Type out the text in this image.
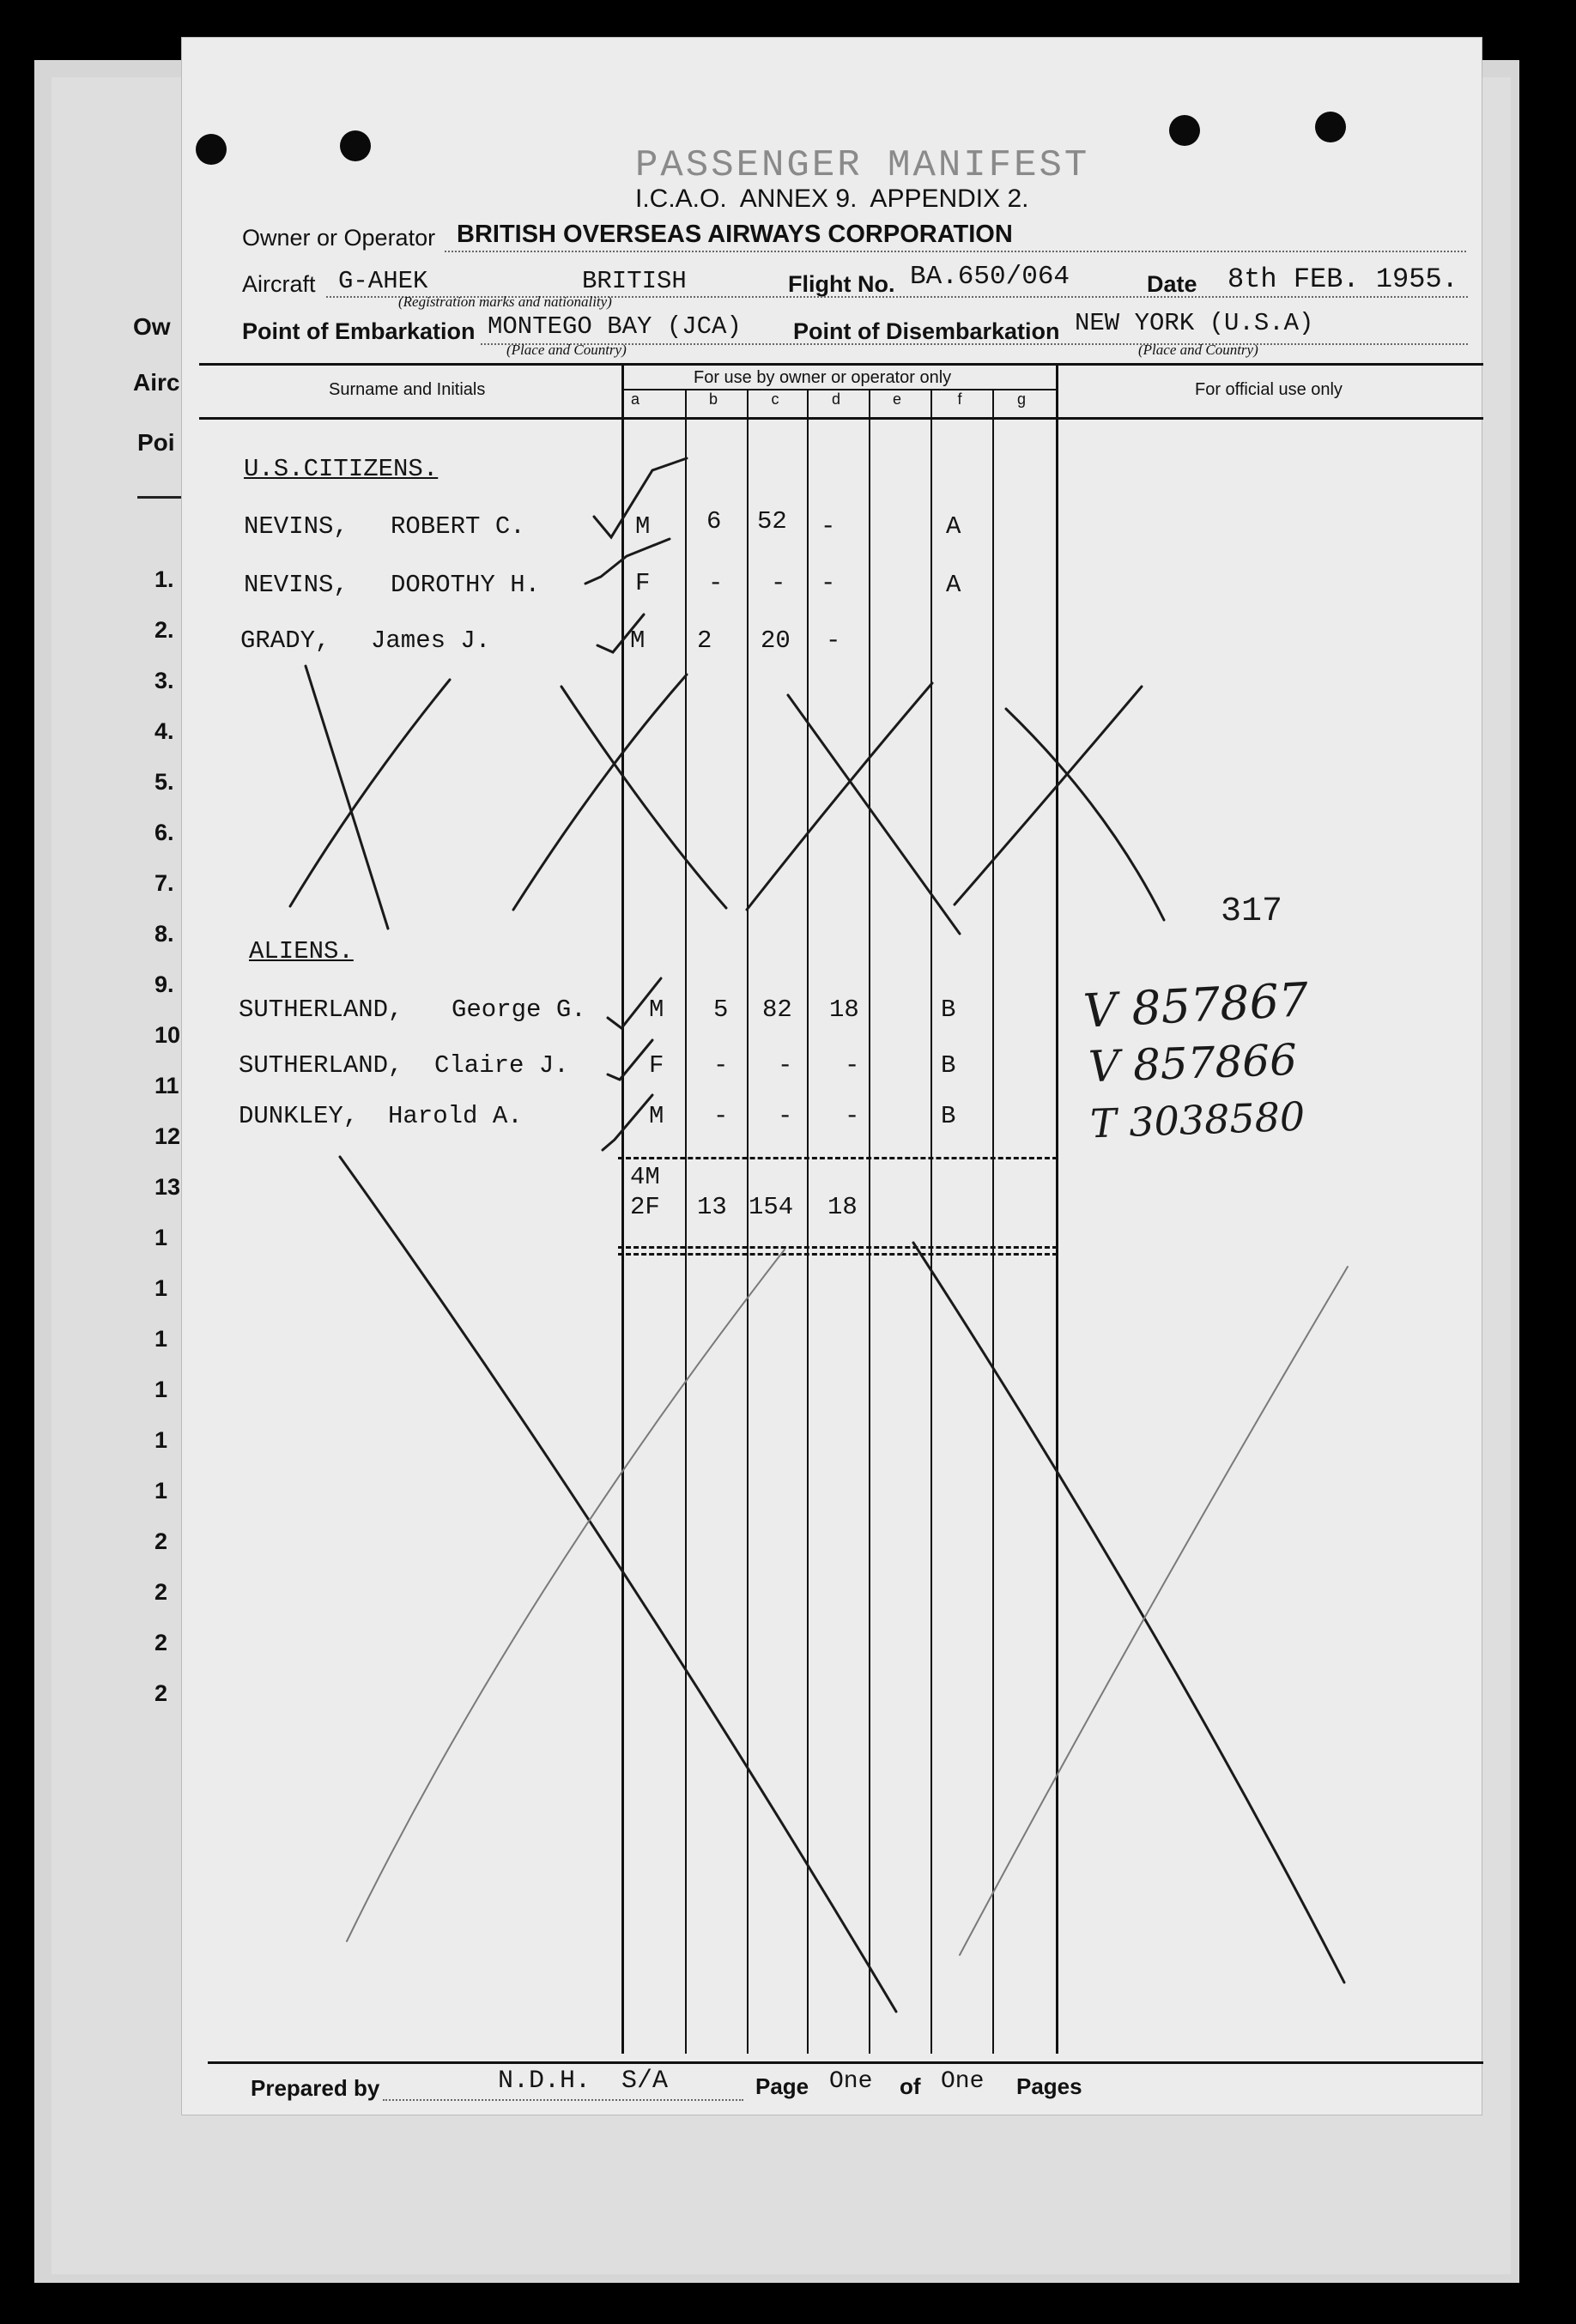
Ow
Airc
Poi
1.
2.
3.
4.
5.
6.
7.
8.
9.
10
11
12
13
1
1
1
1
1
1
2
2
2
2
PASSENGER MANIFEST
I.C.A.O.  ANNEX 9.  APPENDIX 2.
Owner or Operator BRITISH OVERSEAS AIRWAYS CORPORATION
Aircraft G-AHEK	BRITISH	Flight No. BA.650/064	Date 8th FEB. 1955.
(Registration marks and nationality)
Point of Embarkation MONTEGO BAY (JCA) Point of Disembarkation NEW YORK (U.S.A)
(Place and Country)	(Place and Country)
Surname and Initials
For use by owner or operator only
For official use only
a	b	c	d	e	f	g
U.S.CITIZENS.
NEVINS, ROBERT C.	M 6 52 -	A
NEVINS, DOROTHY H.	F - - -	A
GRADY, James J.	M 2 20 -
ALIENS.
SUTHERLAND, George G.	M 5 82 18	B
SUTHERLAND, Claire J.	F - - -	B
DUNKLEY, Harold A.	M - - -	B
4M
2F 13 154 18
317
V 857867
V 857866
T 3038580
Prepared by	N.D.H.  S/A	Page One of One Pages
